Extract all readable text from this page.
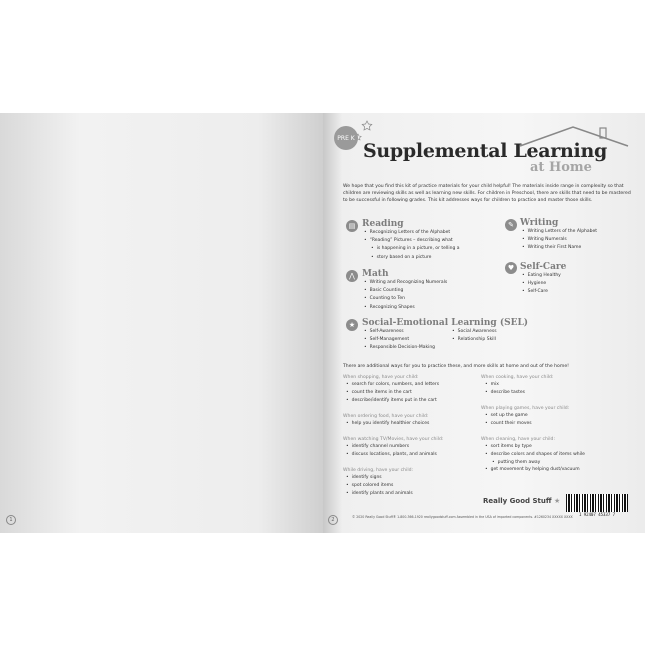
1	2
PRE K
Supplemental Learning
at Home
We hope that you find this kit of practice materials for your child helpful! The materials inside range in complexity so that children are reviewing skills as well as learning new skills. For children in Preschool, there are skills that need to be mastered to be successful in following grades. This kit addresses ways for children to practice and master those skills.
▤ Reading
• Recognizing Letters of the Alphabet
• “Reading” Pictures – describing what
• is happening in a picture, or telling a
• story based on a picture
✎ Writing
• Writing Letters of the Alphabet
• Writing Numerals
• Writing their First Name
♥ Self-Care
• Eating Healthy
• Hygiene
• Self-Care
⋀ Math
• Writing and Recognizing Numerals
• Basic Counting
• Counting to Ten
• Recognizing Shapes
★ Social-Emotional Learning (SEL)
• Self-Awareness
• Self-Management
• Responsible Decision-Making
• Social Awareness
• Relationship Skill
There are additional ways for you to practice these, and more skills at home and out of the home!
When shopping, have your child:
• search for colors, numbers, and letters
• count the items in the cart
• describe/identify items put in the cart
When ordering food, have your child:
• help you identify healthier choices
When watching TV/Movies, have your child:
• identify channel numbers
• discuss locations, plants, and animals
While driving, have your child:
• identify signs
• spot colored items
• identify plants and animals
When cooking, have your child:
• mix
• describe tastes
When playing games, have your child:
• set up the game
• count their moves
When cleaning, have your child:
• sort items by type
• describe colors and shapes of items while
• putting them away
• get movement by helping dust/vacuum
Really Good Stuff ★
1 92407 45337 7
© 2020 Really Good Stuff® 1-800-366-1920 reallygoodstuff.com Assembled in the USA of imported components. #1260234 XXXXX XXXX
